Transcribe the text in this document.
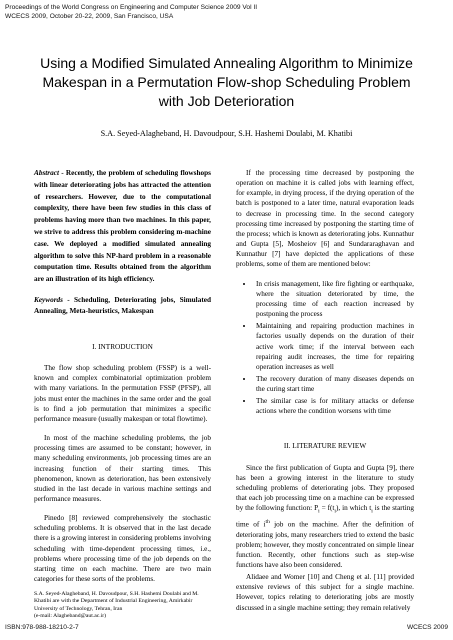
Proceedings of the World Congress on Engineering and Computer Science 2009 Vol II
WCECS 2009, October 20-22, 2009, San Francisco, USA
Using a Modified Simulated Annealing Algorithm to Minimize Makespan in a Permutation Flow-shop Scheduling Problem with Job Deterioration
S.A. Seyed-Alagheband, H. Davoudpour, S.H. Hashemi Doulabi, M. Khatibi

Abstract - Recently, the problem of scheduling flowshops with linear deteriorating jobs has attracted the attention of researchers. However, due to the computational complexity, there have been few studies in this class of problems having more than two machines. In this paper, we strive to address this problem considering m-machine case. We deployed a modified simulated annealing algorithm to solve this NP-hard problem in a reasonable computation time. Results obtained from the algorithm are an illustration of its high efficiency.

Keywords - Scheduling, Deteriorating jobs, Simulated Annealing, Meta-heuristics, Makespan

I. INTRODUCTION

The flow shop scheduling problem (FSSP) is a well-known and complex combinatorial optimization problem with many variations. In the permutation FSSP (PFSP), all jobs must enter the machines in the same order and the goal is to find a job permutation that minimizes a specific performance measure (usually makespan or total flowtime).

In most of the machine scheduling problems, the job processing times are assumed to be constant; however, in many scheduling environments, job processing times are an increasing function of their starting times. This phenomenon, known as deterioration, has been extensively studied in the last decade in various machine settings and performance measures.

Pinedo [8] reviewed comprehensively the stochastic scheduling problems. It is observed that in the last decade there is a growing interest in considering problems involving scheduling with time-dependent processing times, i.e., problems where processing time of the job depends on the starting time on each machine. There are two main categories for these sorts of the problems.

S.A. Seyed-Alagheband, H. Davoudpour, S.H. Hashemi Doulabi and M.
Khatibi are with the Department of Industrial Engineering, Amirkabir
University of Technology, Tehran, Iran
(e-mail: Alagheband@aut.ac.ir)

If the processing time decreased by postponing the operation on machine it is called jobs with learning effect, for example, in drying process, if the drying operation of the batch is postponed to a later time, natural evaporation leads to decrease in processing time. In the second category processing time increased by postponing the starting time of the process; which is known as deteriorating jobs. Kunnathur and Gupta [5], Mosheiov [6] and Sundararaghavan and Kunnathur [7] have depicted the applications of these problems, some of them are mentioned below:

• In crisis management, like fire fighting or earthquake, where the situation deteriorated by time, the processing time of each reaction increased by postponing the process
• Maintaining and repairing production machines in factories usually depends on the duration of their active work time; if the interval between each repairing audit increases, the time for repairing operation increases as well
• The recovery duration of many diseases depends on the curing start time
• The similar case is for military attacks or defense actions where the condition worsens with time

II. LITERATURE REVIEW

Since the first publication of Gupta and Gupta [9], there has been a growing interest in the literature to study scheduling problems of deteriorating jobs. They proposed that each job processing time on a machine can be expressed by the following function: $P_i = f(t_i)$, in which $t_i$ is the starting time of $i^{th}$ job on the machine. After the definition of deteriorating jobs, many researchers tried to extend the basic problem; however, they mostly concentrated on simple linear function. Recently, other functions such as step-wise functions have also been considered.

Alidaee and Womer [10] and Cheng et al. [11] provided extensive reviews of this subject for a single machine. However, topics relating to deteriorating jobs are mostly discussed in a single machine setting; they remain relatively

ISBN:978-988-18210-2-7	WCECS 2009
